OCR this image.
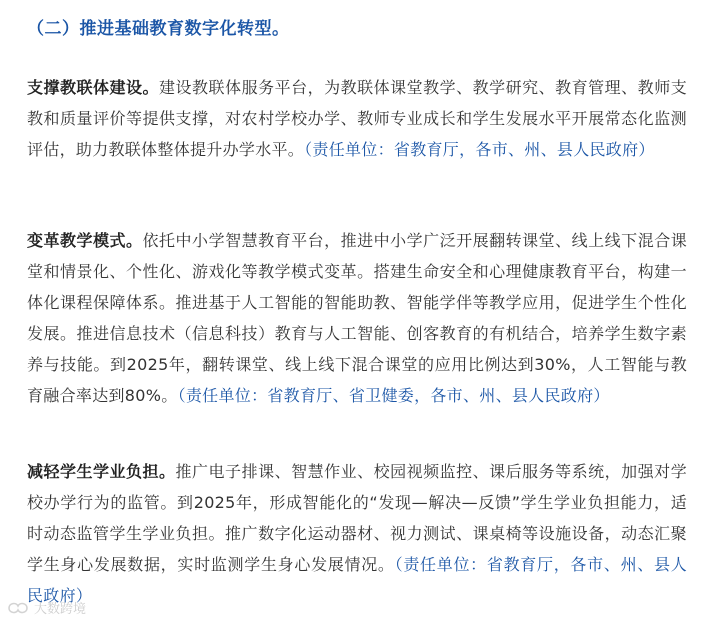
（二）推进基础教育数字化转型。
支撑教联体建设。建设教联体服务平台，为教联体课堂教学、教学研究、教育管理、教师支教和质量评价等提供支撑，对农村学校办学、教师专业成长和学生发展水平开展常态化监测评估，助力教联体整体提升办学水平。（责任单位：省教育厅，各市、州、县人民政府）
变革教学模式。依托中小学智慧教育平台，推进中小学广泛开展翻转课堂、线上线下混合课堂和情景化、个性化、游戏化等教学模式变革。搭建生命安全和心理健康教育平台，构建一体化课程保障体系。推进基于人工智能的智能助教、智能学伴等教学应用，促进学生个性化发展。推进信息技术（信息科技）教育与人工智能、创客教育的有机结合，培养学生数字素养与技能。到2025年，翻转课堂、线上线下混合课堂的应用比例达到30%，人工智能与教育融合率达到80%。（责任单位：省教育厅、省卫健委，各市、州、县人民政府）
减轻学生学业负担。推广电子排课、智慧作业、校园视频监控、课后服务等系统，加强对学校办学行为的监管。到2025年，形成智能化的“发现—解决—反馈”学生学业负担能力，适时动态监管学生学业负担。推广数字化运动器材、视力测试、课桌椅等设施设备，动态汇聚学生身心发展数据，实时监测学生身心发展情况。（责任单位：省教育厅，各市、州、县人民政府）
大数跨境
